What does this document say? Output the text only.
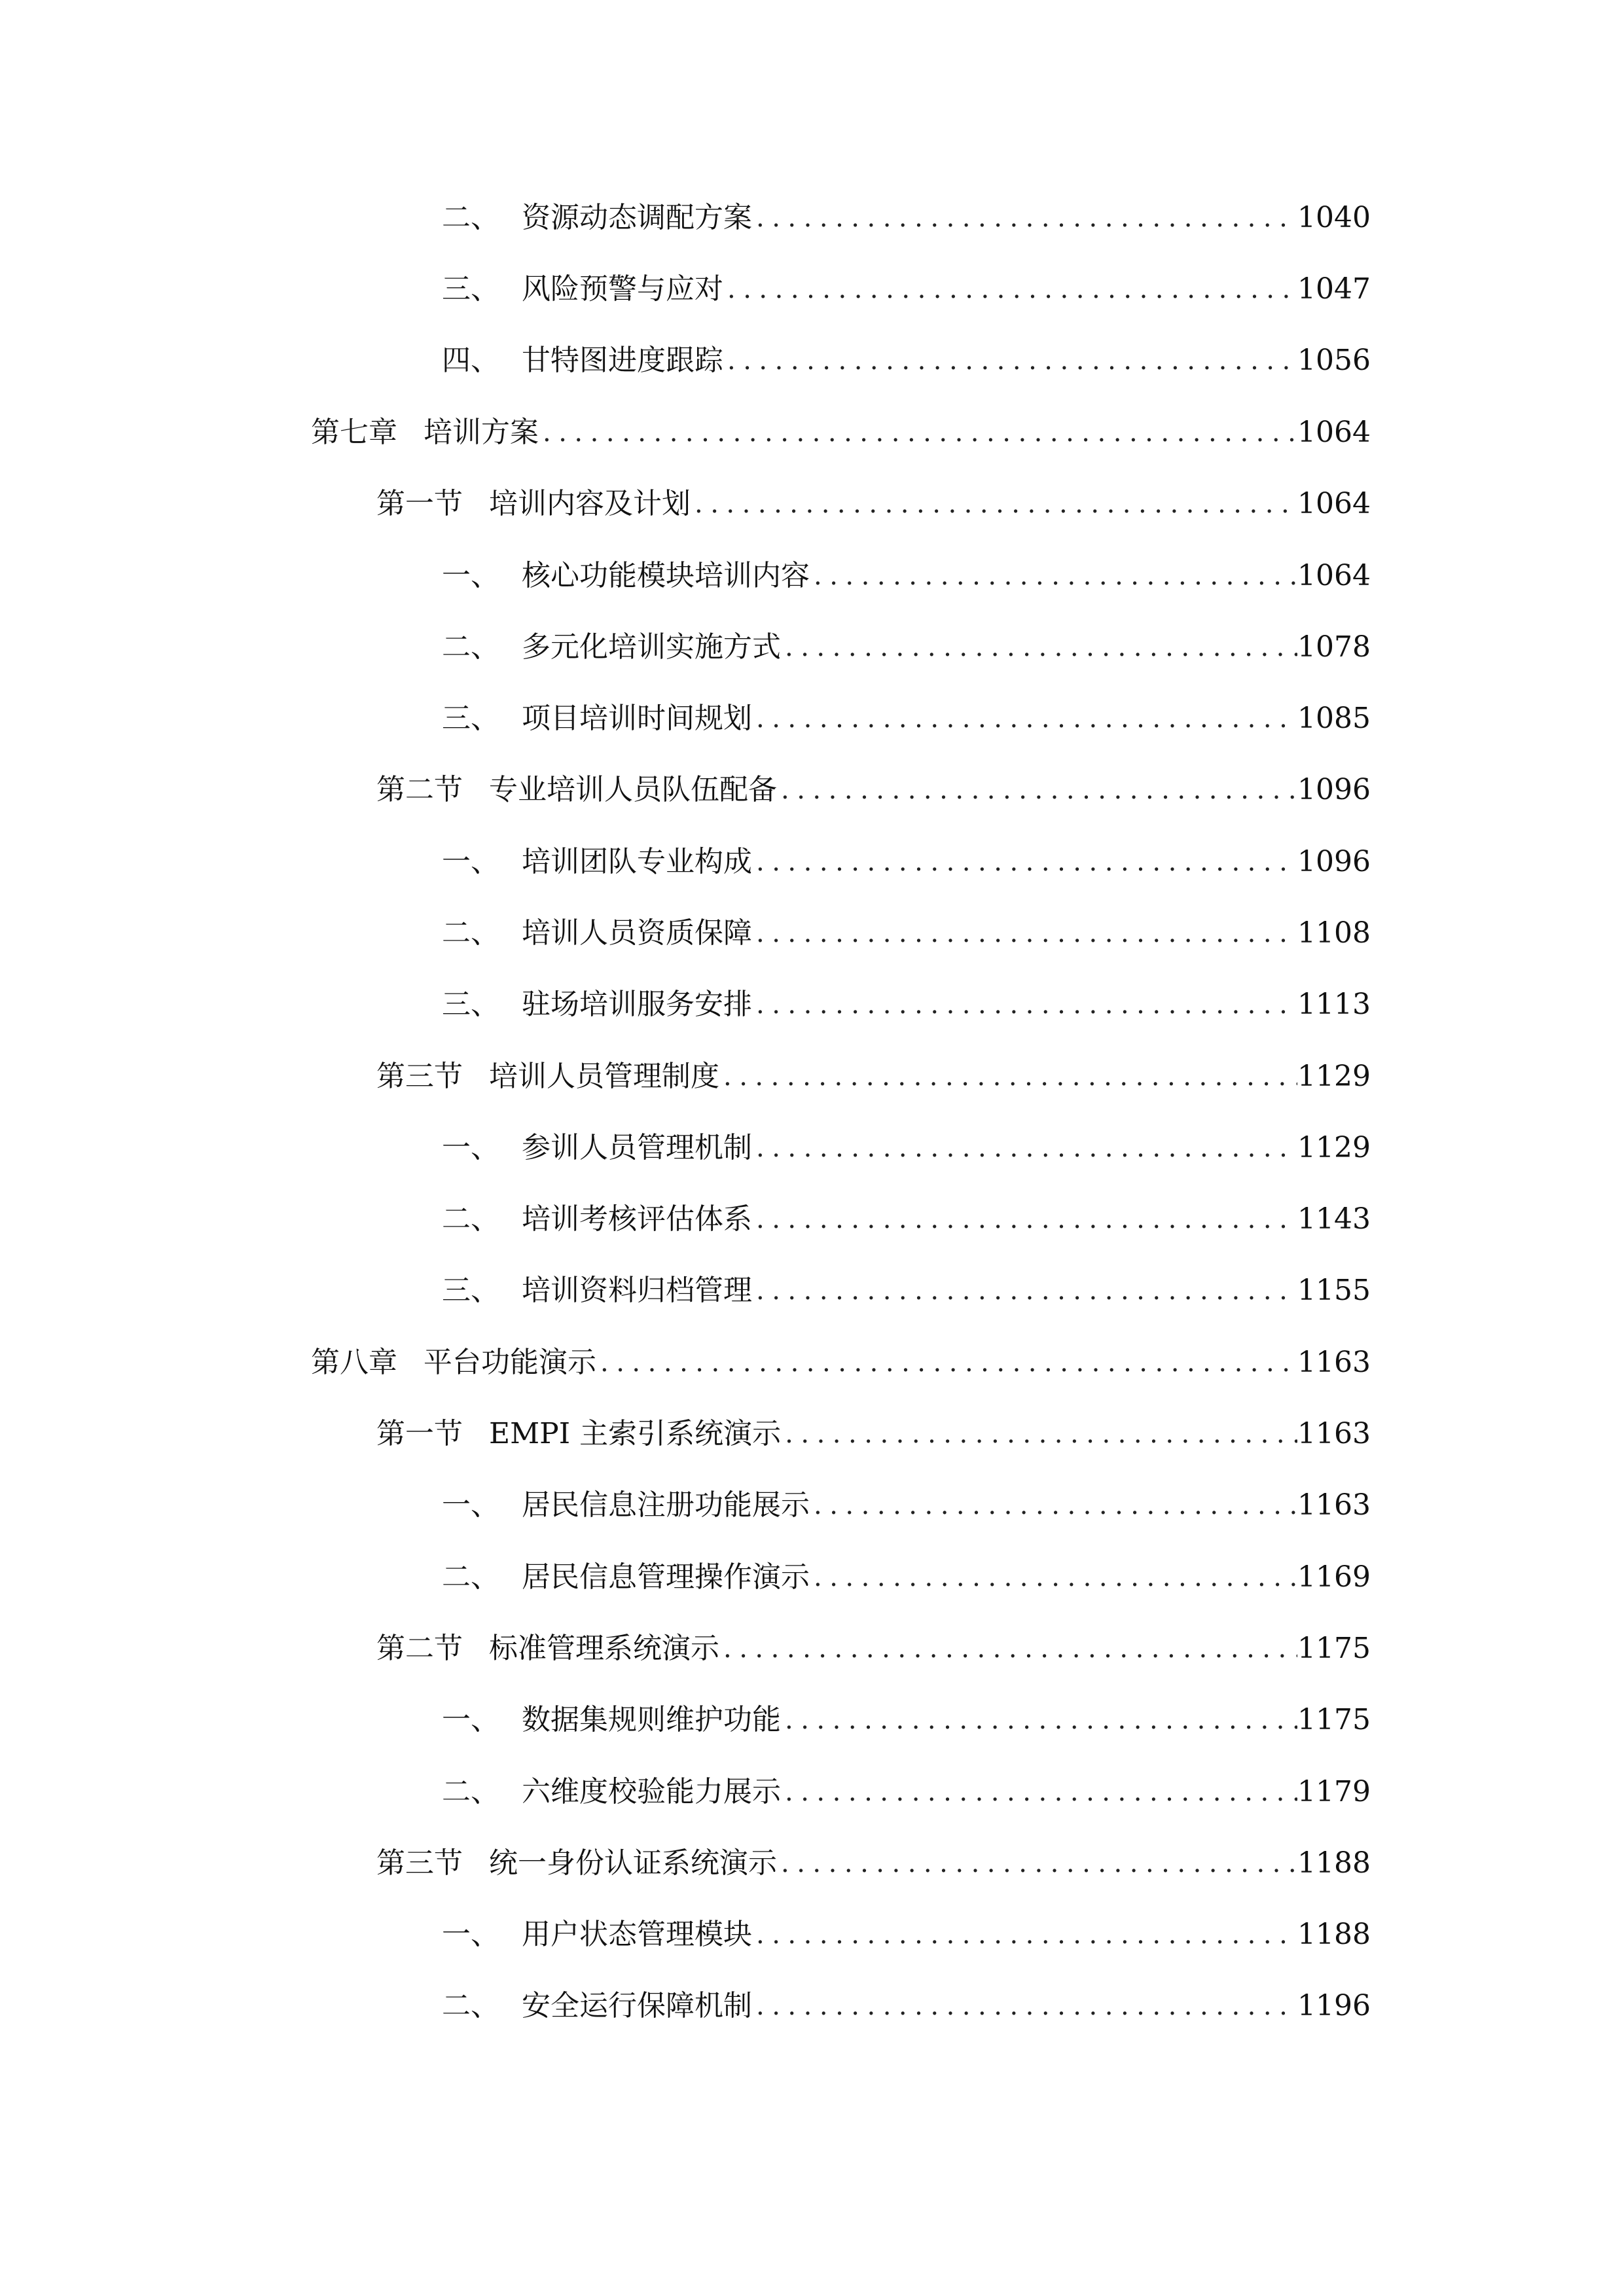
二、 资源动态调配方案 .....	1040
三、 风险预警与应对 .....	1047
四、 甘特图进度跟踪 .....	1056
第七章 培训方案 .....	1064
第一节 培训内容及计划 .....	1064
一、 核心功能模块培训内容 .....	1064
二、 多元化培训实施方式 .....	1078
三、 项目培训时间规划 .....	1085
第二节 专业培训人员队伍配备 .....	1096
一、 培训团队专业构成 .....	1096
二、 培训人员资质保障 .....	1108
三、 驻场培训服务安排 .....	1113
第三节 培训人员管理制度 .....	1129
一、 参训人员管理机制 .....	1129
二、 培训考核评估体系 .....	1143
三、 培训资料归档管理 .....	1155
第八章 平台功能演示 .....	1163
第一节 EMPI 主索引系统演示 .....	1163
一、 居民信息注册功能展示 .....	1163
二、 居民信息管理操作演示 .....	1169
第二节 标准管理系统演示 .....	1175
一、 数据集规则维护功能 .....	1175
二、 六维度校验能力展示 .....	1179
第三节 统一身份认证系统演示 .....	1188
一、 用户状态管理模块 .....	1188
二、 安全运行保障机制 .....	1196
